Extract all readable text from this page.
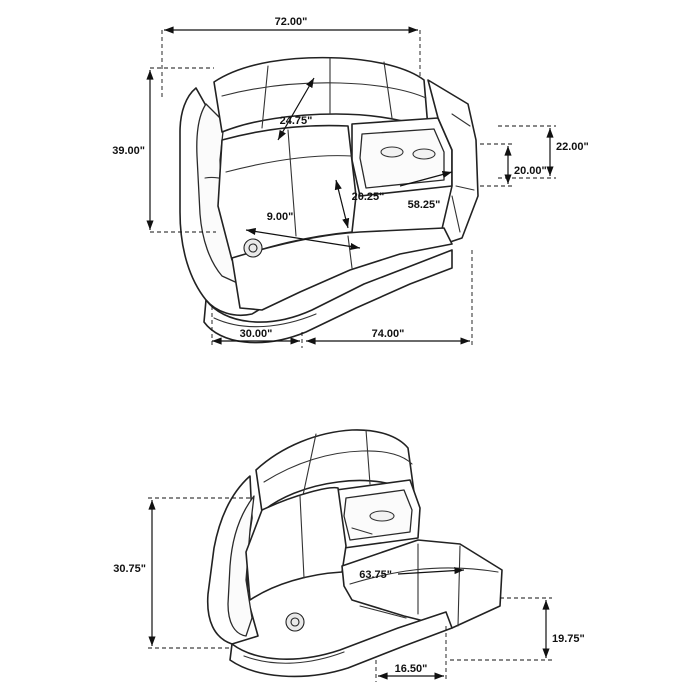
72.00"
39.00"
24.75"
20.25"
58.25"
9.00"
22.00"
20.00"
30.00"	74.00"
30.75"	63.75"
19.75"
16.50"
